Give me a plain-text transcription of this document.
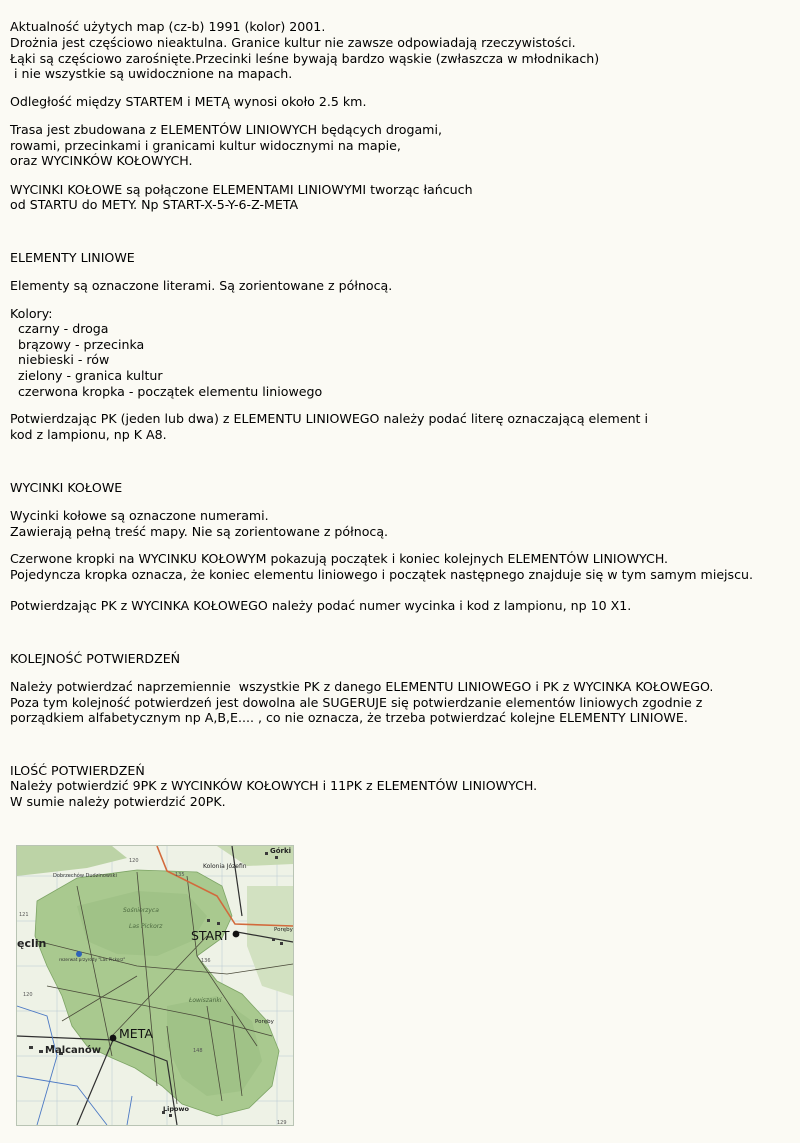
Aktualność użytych map (cz-b) 1991 (kolor) 2001.
Drożnia jest częściowo nieaktulna. Granice kultur nie zawsze odpowiadają rzeczywistości.
Łąki są częściowo zarośnięte.Przecinki leśne bywają bardzo wąskie (zwłaszcza w młodnikach)
i nie wszystkie są uwidocznione na mapach.
Odległość między STARTEM i METĄ wynosi około 2.5 km.
Trasa jest zbudowana z ELEMENTÓW LINIOWYCH będących drogami,
rowami, przecinkami i granicami kultur widocznymi na mapie,
oraz WYCINKÓW KOŁOWYCH.
WYCINKI KOŁOWE są połączone ELEMENTAMI LINIOWYMI tworząc łańcuch
od STARTU do METY. Np START-X-5-Y-6-Z-META
ELEMENTY LINIOWE
Elementy są oznaczone literami. Są zorientowane z północą.
Kolory:
czarny - droga
brązowy - przecinka
niebieski - rów
zielony - granica kultur
czerwona kropka - początek elementu liniowego
Potwierdzając PK (jeden lub dwa) z ELEMENTU LINIOWEGO należy podać literę oznaczającą element i
kod z lampionu, np K A8.
WYCINKI KOŁOWE
Wycinki kołowe są oznaczone numerami.
Zawierają pełną treść mapy. Nie są zorientowane z północą.
Czerwone kropki na WYCINKU KOŁOWYM pokazują początek i koniec kolejnych ELEMENTÓW LINIOWYCH.
Pojedyncza kropka oznacza, że koniec elementu liniowego i początek następnego znajduje się w tym samym miejscu.
Potwierdzając PK z WYCINKA KOŁOWEGO należy podać numer wycinka i kod z lampionu, np 10 X1.
KOLEJNOŚĆ POTWIERDZEŃ
Należy potwierdzać naprzemiennie  wszystkie PK z danego ELEMENTU LINIOWEGO i PK z WYCINKA KOŁOWEGO.
Poza tym kolejność potwierdzeń jest dowolna ale SUGERUJE się potwierdzanie elementów liniowych zgodnie z
porządkiem alfabetycznym np A,B,E.... , co nie oznacza, że trzeba potwierdzać kolejne ELEMENTY LINIOWE.
ILOŚĆ POTWIERDZEŃ
Należy potwierdzić 9PK z WYCINKÓW KOŁOWYCH i 11PK z ELEMENTÓW LINIOWYCH.
W sumie należy potwierdzić 20PK.
START
META
ęclin
Malcanów
Górki
Kolonia Józefin
Poręby
Poręby
Lipowo
Dobrzechów Dudzinowski
Sośnierzyca
Las Pickorz
Łowiszanki
rezerwat przyrody "Las Pickorz"
120
135
121
120
129
136
148
